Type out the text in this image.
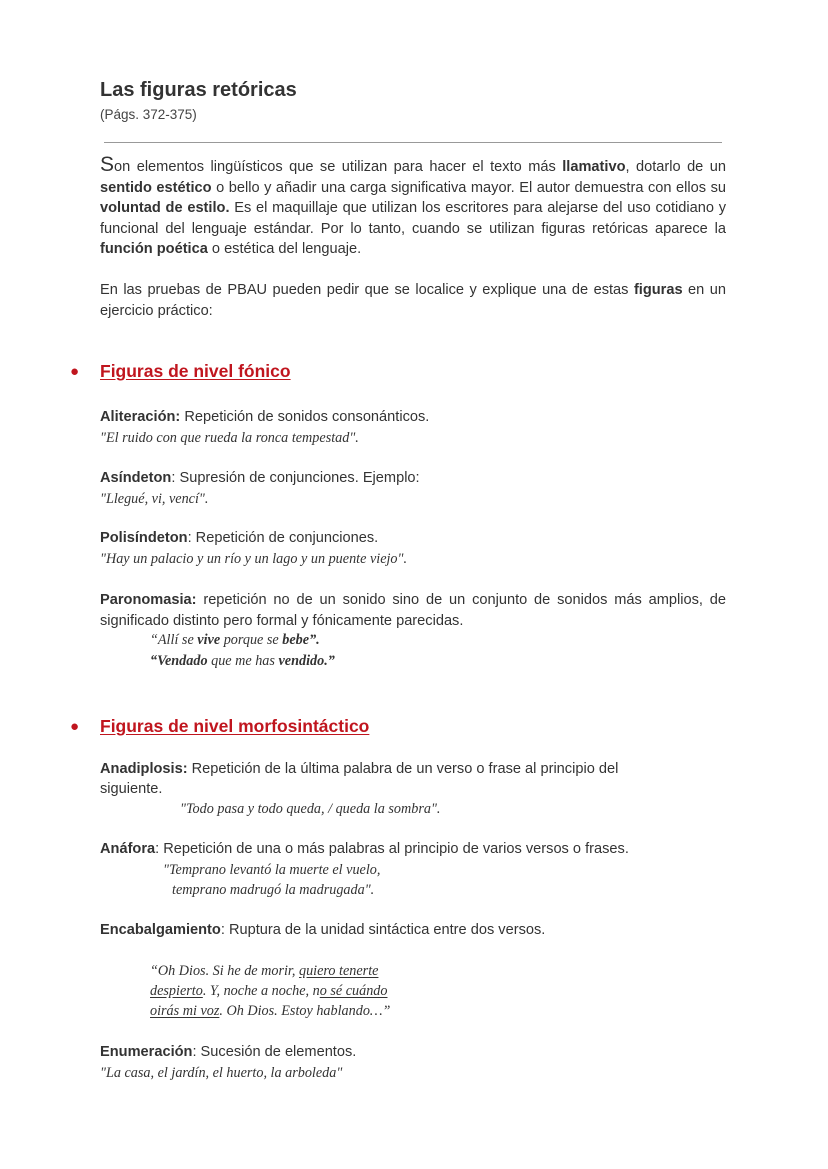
Las figuras retóricas
(Págs. 372-375)
Son elementos lingüísticos que se utilizan para hacer el texto más llamativo, dotarlo de un sentido estético o bello y añadir una carga significativa mayor. El autor demuestra con ellos su voluntad de estilo. Es el maquillaje que utilizan los escritores para alejarse del uso cotidiano y funcional del lenguaje estándar. Por lo tanto, cuando se utilizan figuras retóricas aparece la función poética o estética del lenguaje.
En las pruebas de PBAU pueden pedir que se localice y explique una de estas figuras en un ejercicio práctico:
● Figuras de nivel fónico
Aliteración: Repetición de sonidos consonánticos.
"El ruido con que rueda la ronca tempestad".
Asíndeton: Supresión de conjunciones. Ejemplo:
"Llegué, vi, vencí".
Polisíndeton: Repetición de conjunciones.
"Hay un palacio y un río y un lago y un puente viejo".
Paronomasia: repetición no de un sonido sino de un conjunto de sonidos más amplios, de significado distinto pero formal y fónicamente parecidas.
“Allí se vive porque se bebe”.
“Vendado que me has vendido.”
● Figuras de nivel morfosintáctico
Anadiplosis: Repetición de la última palabra de un verso o frase al principio del
siguiente.
"Todo pasa y todo queda, / queda la sombra".
Anáfora: Repetición de una o más palabras al principio de varios versos o frases.
"Temprano levantó la muerte el vuelo,
temprano madrugó la madrugada".
Encabalgamiento: Ruptura de la unidad sintáctica entre dos versos.
“Oh Dios. Si he de morir, quiero tenerte
despierto. Y, noche a noche, no sé cuándo
oirás mi voz. Oh Dios. Estoy hablando…”
Enumeración: Sucesión de elementos.
"La casa, el jardín, el huerto, la arboleda"
